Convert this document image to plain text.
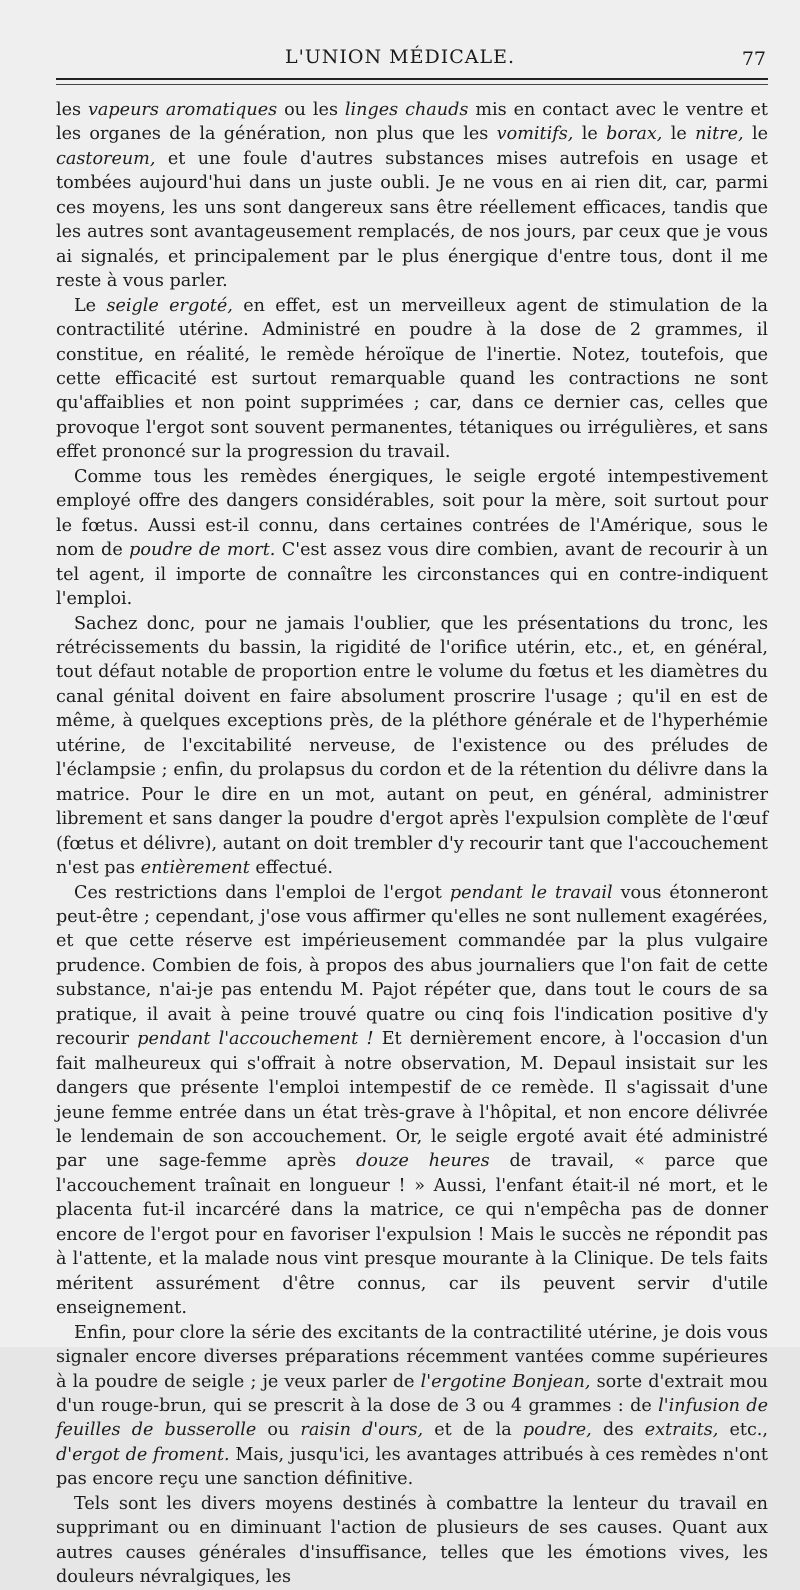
L'UNION MÉDICALE.	77

les vapeurs aromatiques ou les linges chauds mis en contact avec le ventre et les organes de la génération, non plus que les vomitifs, le borax, le nitre, le castoreum, et une foule d'autres substances mises autrefois en usage et tombées aujourd'hui dans un juste oubli. Je ne vous en ai rien dit, car, parmi ces moyens, les uns sont dangereux sans être réellement efficaces, tandis que les autres sont avantageusement remplacés, de nos jours, par ceux que je vous ai signalés, et principalement par le plus énergique d'entre tous, dont il me reste à vous parler.

Le seigle ergoté, en effet, est un merveilleux agent de stimulation de la contractilité utérine. Administré en poudre à la dose de 2 grammes, il constitue, en réalité, le remède héroïque de l'inertie. Notez, toutefois, que cette efficacité est surtout remarquable quand les contractions ne sont qu'affaiblies et non point supprimées ; car, dans ce dernier cas, celles que provoque l'ergot sont souvent permanentes, tétaniques ou irrégulières, et sans effet prononcé sur la progression du travail.

Comme tous les remèdes énergiques, le seigle ergoté intempestivement employé offre des dangers considérables, soit pour la mère, soit surtout pour le fœtus. Aussi est-il connu, dans certaines contrées de l'Amérique, sous le nom de poudre de mort. C'est assez vous dire combien, avant de recourir à un tel agent, il importe de connaître les circonstances qui en contre-indiquent l'emploi.

Sachez donc, pour ne jamais l'oublier, que les présentations du tronc, les rétrécissements du bassin, la rigidité de l'orifice utérin, etc., et, en général, tout défaut notable de proportion entre le volume du fœtus et les diamètres du canal génital doivent en faire absolument proscrire l'usage ; qu'il en est de même, à quelques exceptions près, de la pléthore générale et de l'hyperhémie utérine, de l'excitabilité nerveuse, de l'existence ou des préludes de l'éclampsie ; enfin, du prolapsus du cordon et de la rétention du délivre dans la matrice. Pour le dire en un mot, autant on peut, en général, administrer librement et sans danger la poudre d'ergot après l'expulsion complète de l'œuf (fœtus et délivre), autant on doit trembler d'y recourir tant que l'accouchement n'est pas entièrement effectué.

Ces restrictions dans l'emploi de l'ergot pendant le travail vous étonneront peut-être ; cependant, j'ose vous affirmer qu'elles ne sont nullement exagérées, et que cette réserve est impérieusement commandée par la plus vulgaire prudence. Combien de fois, à propos des abus journaliers que l'on fait de cette substance, n'ai-je pas entendu M. Pajot répéter que, dans tout le cours de sa pratique, il avait à peine trouvé quatre ou cinq fois l'indication positive d'y recourir pendant l'accouchement ! Et dernièrement encore, à l'occasion d'un fait malheureux qui s'offrait à notre observation, M. Depaul insistait sur les dangers que présente l'emploi intempestif de ce remède. Il s'agissait d'une jeune femme entrée dans un état très-grave à l'hôpital, et non encore délivrée le lendemain de son accouchement. Or, le seigle ergoté avait été administré par une sage-femme après douze heures de travail, « parce que l'accouchement traînait en longueur ! » Aussi, l'enfant était-il né mort, et le placenta fut-il incarcéré dans la matrice, ce qui n'empêcha pas de donner encore de l'ergot pour en favoriser l'expulsion ! Mais le succès ne répondit pas à l'attente, et la malade nous vint presque mourante à la Clinique. De tels faits méritent assurément d'être connus, car ils peuvent servir d'utile enseignement.

Enfin, pour clore la série des excitants de la contractilité utérine, je dois vous signaler encore diverses préparations récemment vantées comme supérieures à la poudre de seigle ; je veux parler de l'ergotine Bonjean, sorte d'extrait mou d'un rouge-brun, qui se prescrit à la dose de 3 ou 4 grammes : de l'infusion de feuilles de busserolle ou raisin d'ours, et de la poudre, des extraits, etc., d'ergot de froment. Mais, jusqu'ici, les avantages attribués à ces remèdes n'ont pas encore reçu une sanction définitive.

Tels sont les divers moyens destinés à combattre la lenteur du travail en supprimant ou en diminuant l'action de plusieurs de ses causes. Quant aux autres causes générales d'insuffisance, telles que les émotions vives, les douleurs névralgiques, les
